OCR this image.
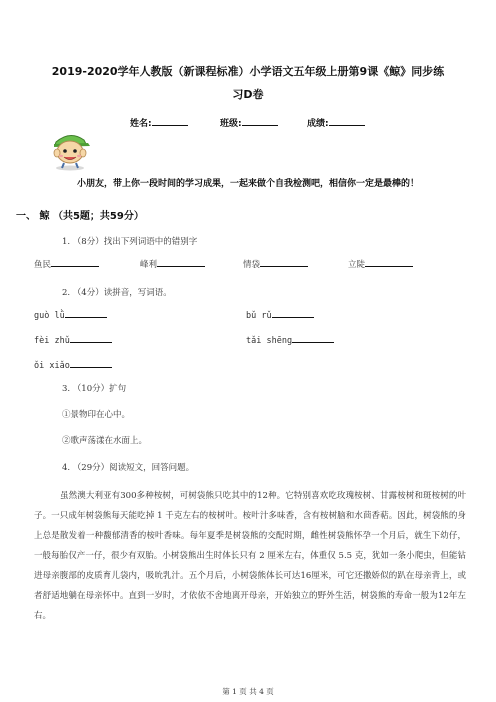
2019-2020学年人教版（新课程标准）小学语文五年级上册第9课《鲸》同步练
习D卷
姓名:	班级:	成绩:
小朋友，带上你一段时间的学习成果，一起来做个自我检测吧，相信你一定是最棒的！
一、 鲸 （共5题；共59分）
1. （8分）找出下列词语中的错别字
鱼民	峰利	情袋	立陡
2. （4分）读拼音，写词语。
guò lǜ	bǔ rǔ
fèi zhǔ	tǎi shēng
ǒi xiǎo
3. （10分）扩句
①景物印在心中。
②歌声荡漾在水面上。
4. （29分）阅读短文，回答问题。
虽然澳大利亚有300多种桉树，可树袋熊只吃其中的12种。它特别喜欢吃玫瑰桉树、甘露桉树和斑桉树的叶子。一只成年树袋熊每天能吃掉 1 千克左右的桉树叶。桉叶汁多味香，含有桉树脑和水茴香萜。因此，树袋熊的身上总是散发着一种馥郁清香的桉叶香味。每年夏季是树袋熊的交配时期，雌性树袋熊怀孕一个月后，就生下幼仔，一般每胎仅产一仔，很少有双胎。小树袋熊出生时体长只有 2 厘米左右，体重仅 5.5 克，犹如一条小爬虫，但能钻进母亲腹部的皮质育儿袋内，吸吮乳汁。五个月后，小树袋熊体长可达16厘米，可它还撒娇似的趴在母亲背上，或者舒适地躺在母亲怀中。直到一岁时，才依依不舍地离开母亲，开始独立的野外生活，树袋熊的寿命一般为12年左右。
第 1 页 共 4 页
